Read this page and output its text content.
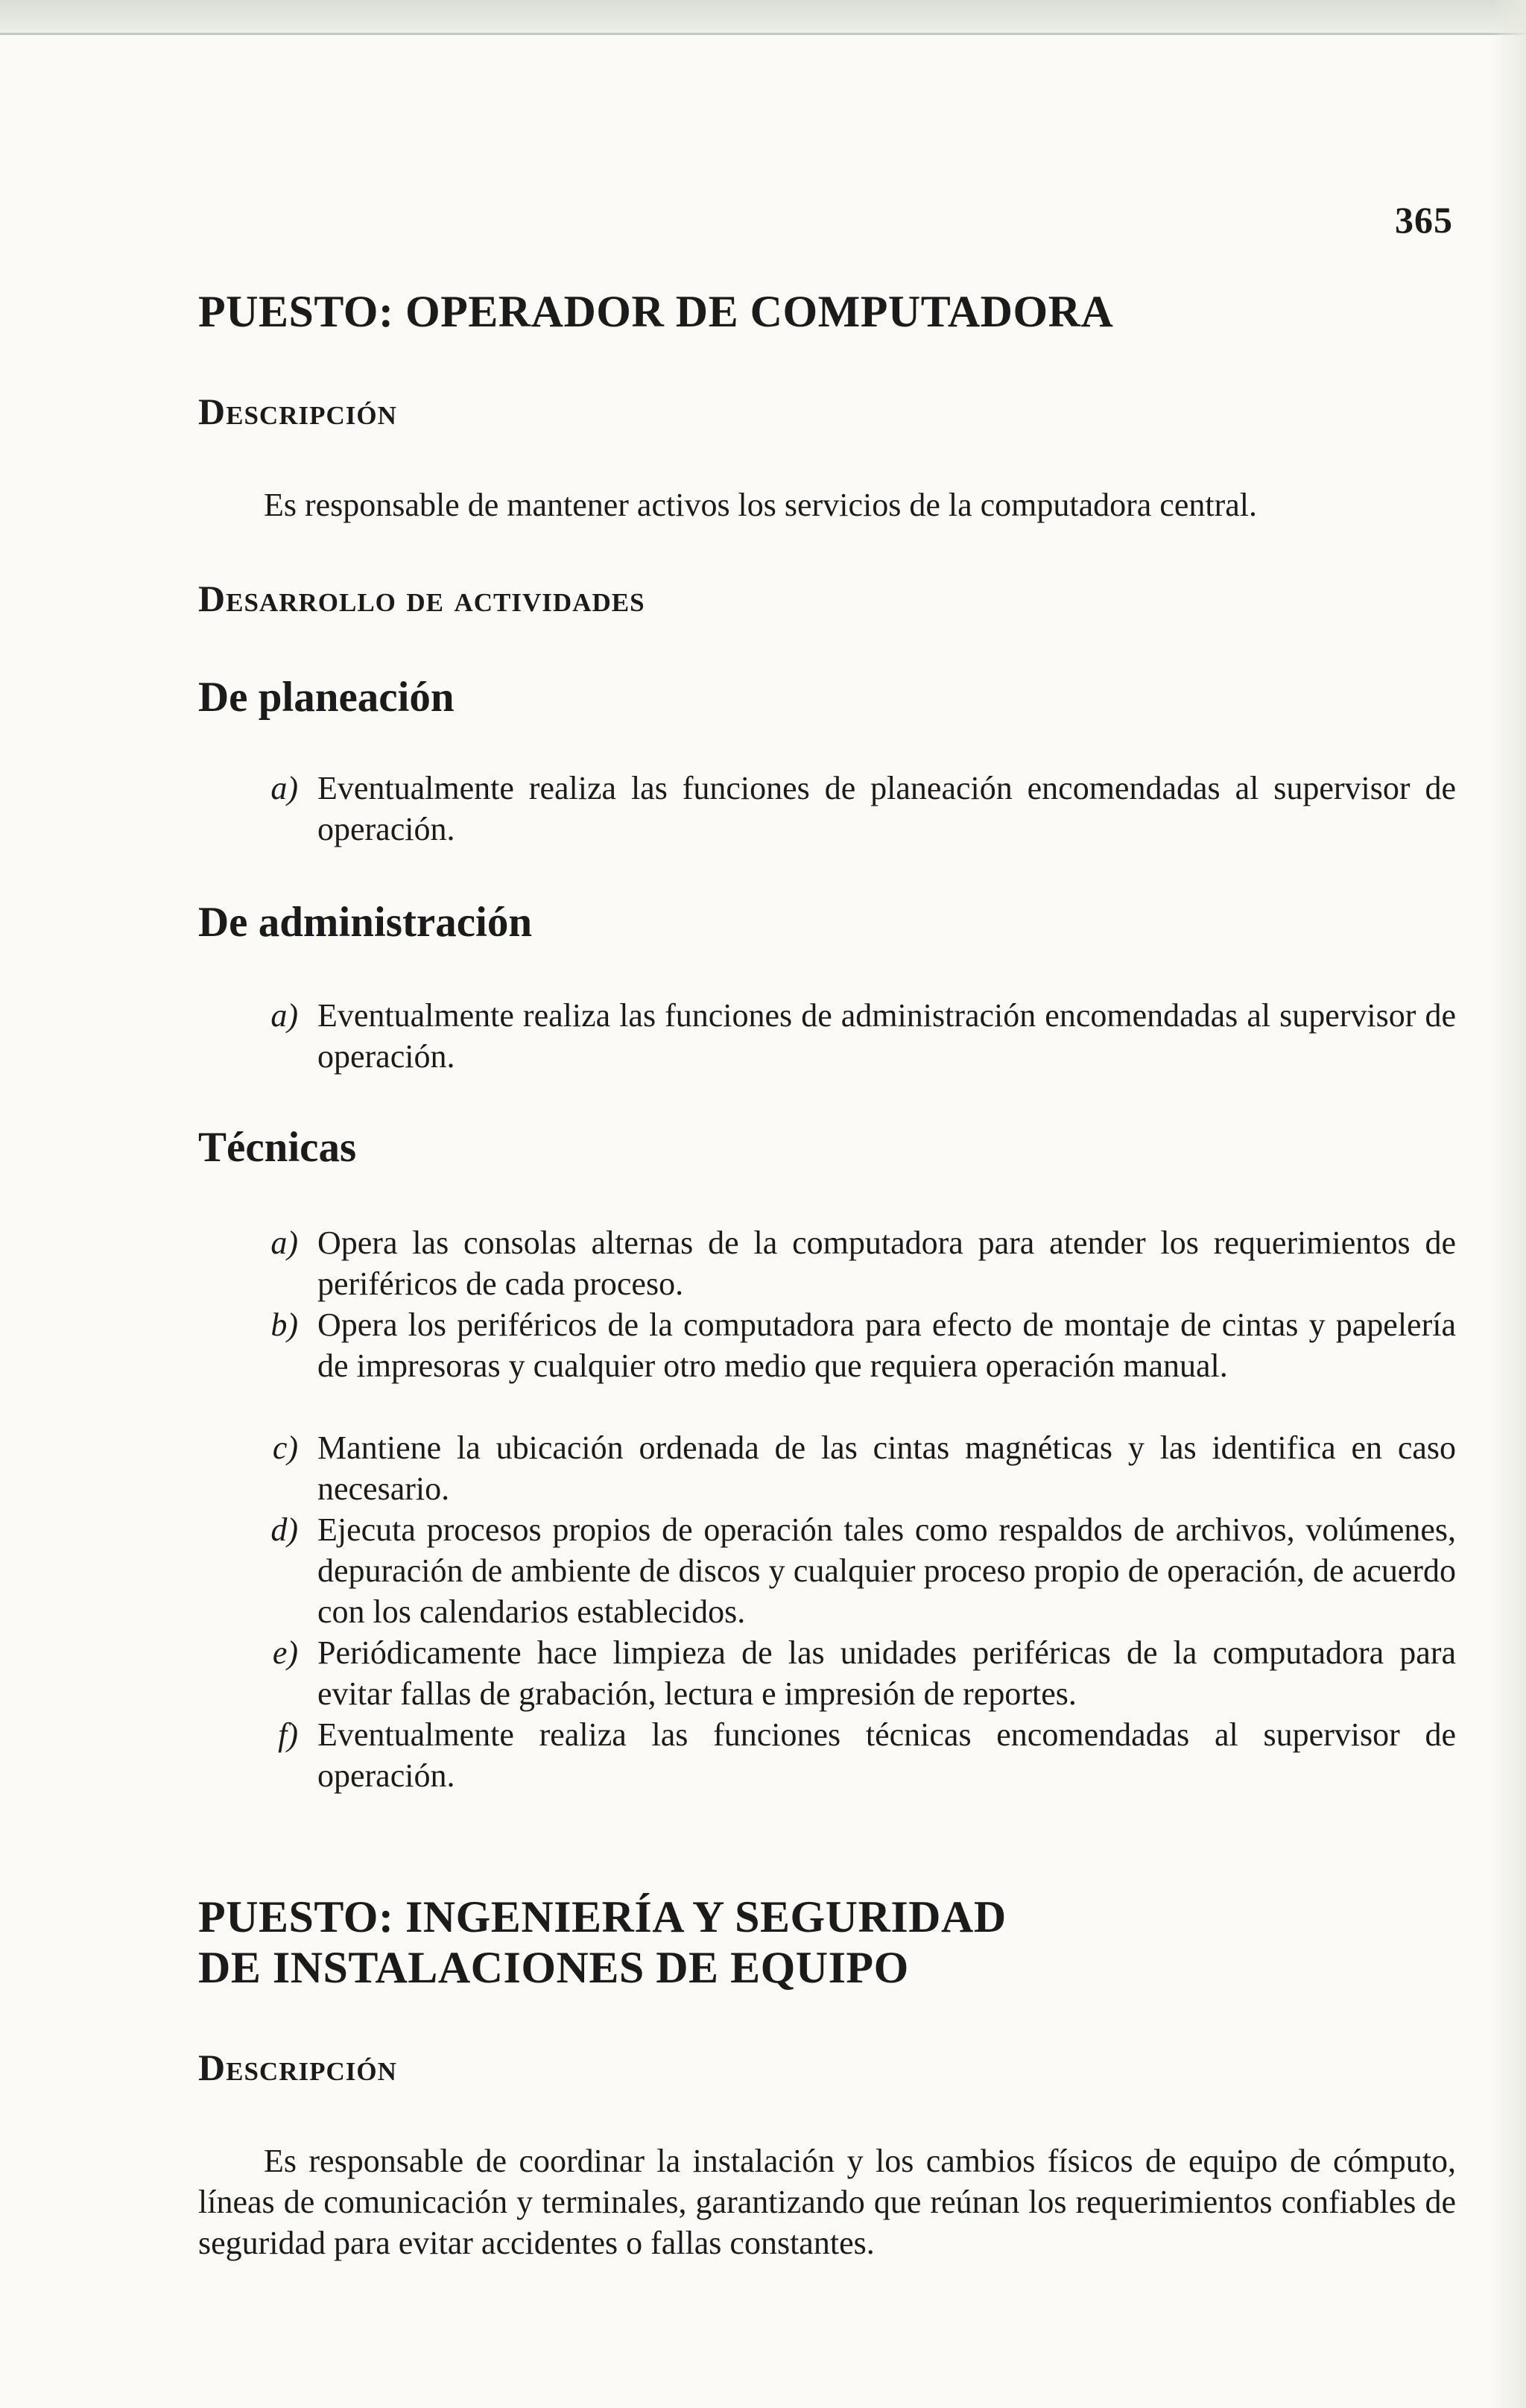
365
PUESTO: OPERADOR DE COMPUTADORA
Descripción
Es responsable de mantener activos los servicios de la computadora central.
Desarrollo de actividades
De planeación
a) Eventualmente realiza las funciones de planeación encomendadas al supervisor de operación.
De administración
a) Eventualmente realiza las funciones de administración encomendadas al supervisor de operación.
Técnicas
a) Opera las consolas alternas de la computadora para atender los requerimientos de periféricos de cada proceso.
b) Opera los periféricos de la computadora para efecto de montaje de cintas y papelería de impresoras y cualquier otro medio que requiera operación manual.
c) Mantiene la ubicación ordenada de las cintas magnéticas y las identifica en caso necesario.
d) Ejecuta procesos propios de operación tales como respaldos de archivos, volúmenes, depuración de ambiente de discos y cualquier proceso propio de operación, de acuerdo con los calendarios establecidos.
e) Periódicamente hace limpieza de las unidades periféricas de la computadora para evitar fallas de grabación, lectura e impresión de reportes.
f) Eventualmente realiza las funciones técnicas encomendadas al supervisor de operación.
PUESTO: INGENIERÍA Y SEGURIDAD
DE INSTALACIONES DE EQUIPO
Descripción
Es responsable de coordinar la instalación y los cambios físicos de equipo de cómputo, líneas de comunicación y terminales, garantizando que reúnan los requerimientos confiables de seguridad para evitar accidentes o fallas constantes.
